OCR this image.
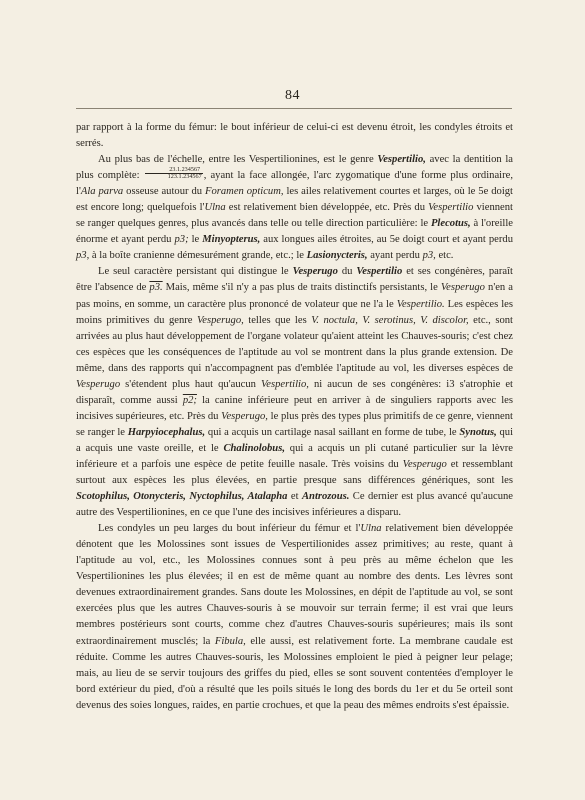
84

par rapport à la forme du fémur: le bout inférieur de celui-ci est devenu étroit, les condyles étroits et serrés.

Au plus bas de l'échelle, entre les Vespertilionines, est le genre Vespertilio, avec la dentition la plus complète: $\frac{23.1.234567}{123.1.234567}$ , ayant la face allongée, l'arc zygomatique d'une forme plus ordinaire, l'Ala parva osseuse autour du Foramen opticum, les ailes relativement courtes et larges, où le 5e doigt est encore long; quelquefois l'Ulna est relativement bien développée, etc. Près du Vespertilio viennent se ranger quelques genres, plus avancés dans telle ou telle direction particulière: le Plecotus, à l'oreille énorme et ayant perdu p3; le Minyopterus, aux longues ailes étroites, au 5e doigt court et ayant perdu p3, à la boîte cranienne démesurément grande, etc.; le Lasionycteris, ayant perdu p3, etc.

Le seul caractère persistant qui distingue le Vesperugo du Vespertilio et ses congénères, paraît être l'absence de p3. Mais, même s'il n'y a pas plus de traits distinctifs persistants, le Vesperugo n'en a pas moins, en somme, un caractère plus prononcé de volateur que ne l'a le Vespertilio. Les espèces les moins primitives du genre Vesperugo, telles que les V. noctula, V. serotinus, V. discolor, etc., sont arrivées au plus haut développement de l'organe volateur qu'aient atteint les Chauves-souris; c'est chez ces espèces que les conséquences de l'aptitude au vol se montrent dans la plus grande extension. De même, dans des rapports qui n'accompagnent pas d'emblée l'aptitude au vol, les diverses espèces de Vesperugo s'étendent plus haut qu'aucun Vespertilio, ni aucun de ses congénères: i3 s'atrophie et disparaît, comme aussi p2; la canine inférieure peut en arriver à de singuliers rapports avec les incisives supérieures, etc. Près du Vesperugo, le plus près des types plus primitifs de ce genre, viennent se ranger le Harpyiocephalus, qui a acquis un cartilage nasal saillant en forme de tube, le Synotus, qui a acquis une vaste oreille, et le Chalinolobus, qui a acquis un pli cutané particulier sur la lèvre inférieure et a parfois une espèce de petite feuille nasale. Très voisins du Vesperugo et ressemblant surtout aux espèces les plus élevées, en partie presque sans différences génériques, sont les Scotophilus, Otonycteris, Nyctophilus, Atalapha et Antrozous. Ce dernier est plus avancé qu'aucune autre des Vespertilionines, en ce que l'une des incisives inférieures a disparu.

Les condyles un peu larges du bout inférieur du fémur et l'Ulna relativement bien développée dénotent que les Molossines sont issues de Vespertilionides assez primitives; au reste, quant à l'aptitude au vol, etc., les Molossines connues sont à peu près au même échelon que les Vespertilionines les plus élevées; il en est de même quant au nombre des dents. Les lèvres sont devenues extraordinairement grandes. Sans doute les Molossines, en dépit de l'aptitude au vol, se sont exercées plus que les autres Chauves-souris à se mouvoir sur terrain ferme; il est vrai que leurs membres postérieurs sont courts, comme chez d'autres Chauves-souris supérieures; mais ils sont extraordinairement musclés; la Fibula, elle aussi, est relativement forte. La membrane caudale est réduite. Comme les autres Chauves-souris, les Molossines emploient le pied à peigner leur pelage; mais, au lieu de se servir toujours des griffes du pied, elles se sont souvent contentées d'employer le bord extérieur du pied, d'où a résulté que les poils situés le long des bords du 1er et du 5e orteil sont devenus des soies longues, raides, en partie crochues, et que la peau des mêmes endroits s'est épaissie.
